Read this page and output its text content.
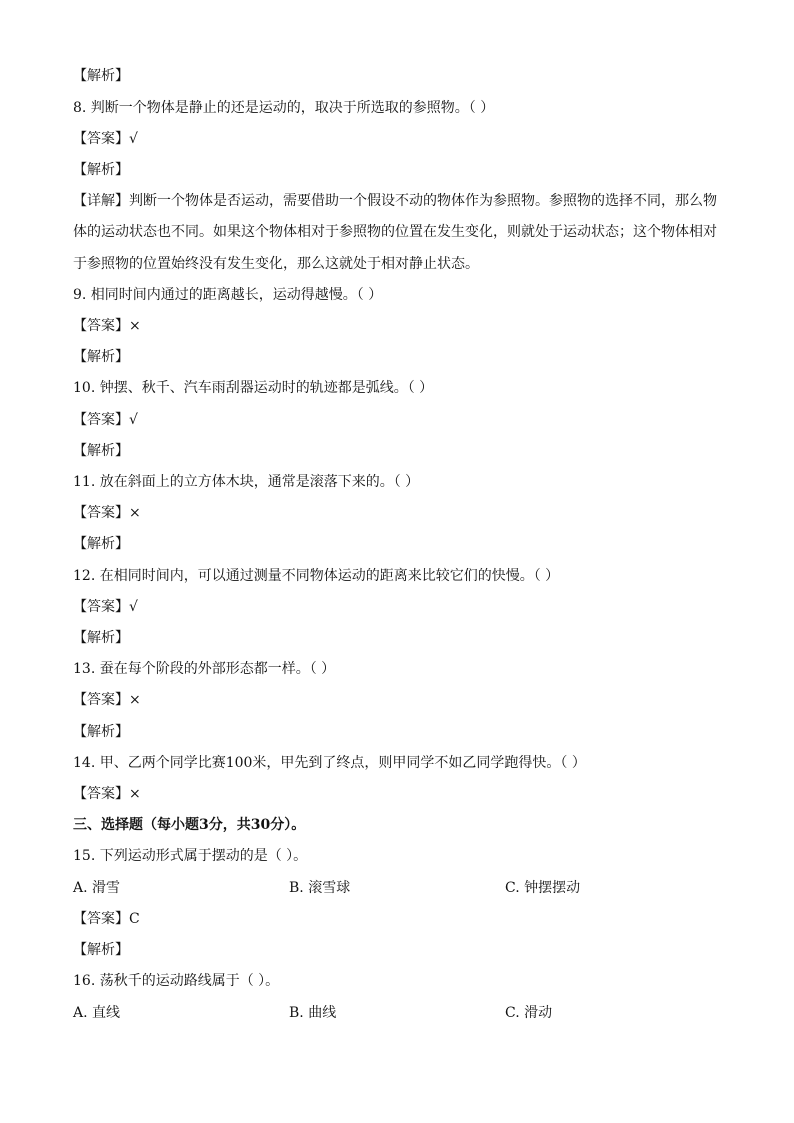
【解析】
8. 判断一个物体是静止的还是运动的，取决于所选取的参照物。（ ）
【答案】√
【解析】
【详解】判断一个物体是否运动，需要借助一个假设不动的物体作为参照物。参照物的选择不同，那么物
体的运动状态也不同。如果这个物体相对于参照物的位置在发生变化，则就处于运动状态；这个物体相对
于参照物的位置始终没有发生变化，那么这就处于相对静止状态。
9. 相同时间内通过的距离越长，运动得越慢。（ ）
【答案】×
【解析】
10. 钟摆、秋千、汽车雨刮器运动时的轨迹都是弧线。（ ）
【答案】√
【解析】
11. 放在斜面上的立方体木块，通常是滚落下来的。（ ）
【答案】×
【解析】
12. 在相同时间内，可以通过测量不同物体运动的距离来比较它们的快慢。（ ）
【答案】√
【解析】
13. 蚕在每个阶段的外部形态都一样。（ ）
【答案】×
【解析】
14. 甲、乙两个同学比赛100米，甲先到了终点，则甲同学不如乙同学跑得快。（ ）
【答案】×
三、选择题（每小题3分，共30分）。
15. 下列运动形式属于摆动的是（ ）。
A. 滑雪	B. 滚雪球	C. 钟摆摆动
【答案】C
【解析】
16. 荡秋千的运动路线属于（ ）。
A. 直线	B. 曲线	C. 滑动
